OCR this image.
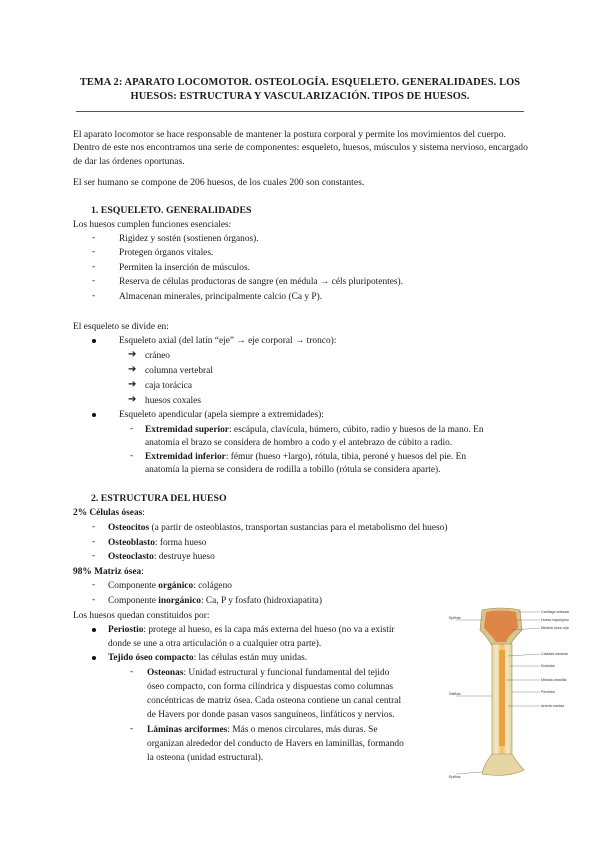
TEMA 2: APARATO LOCOMOTOR. OSTEOLOGÍA. ESQUELETO. GENERALIDADES. LOS HUESOS: ESTRUCTURA Y VASCULARIZACIÓN. TIPOS DE HUESOS.
El aparato locomotor se hace responsable de mantener la postura corporal y permite los movimientos del cuerpo. Dentro de este nos encontramos una serie de componentes: esqueleto, huesos, músculos y sistema nervioso, encargado de dar las órdenes oportunas.
El ser humano se compone de 206 huesos, de los cuales 200 son constantes.
1. ESQUELETO. GENERALIDADES
Los huesos cumplen funciones esenciales:
-	Rigidez y sostén (sostienen órganos).
-	Protegen órganos vitales.
-	Permiten la inserción de músculos.
-	Reserva de células productoras de sangre (en médula → céls pluripotentes).
-	Almacenan minerales, principalmente calcio (Ca y P).
El esqueleto se divide en:
Esqueleto axial (del latín “eje” → eje corporal → tronco):
➔ cráneo
➔ columna vertebral
➔ caja torácica
➔ huesos coxales
Esqueleto apendicular (apela siempre a extremidades):
- Extremidad superior: escápula, clavícula, húmero, cúbito, radio y huesos de la mano. En
anatomía el brazo se considera de hombro a codo y el antebrazo de cúbito a radio.
- Extremidad inferior: fémur (hueso +largo), rótula, tibia, peroné y huesos del pie. En
anatomía la pierna se considera de rodilla a tobillo (rótula se considera aparte).
2. ESTRUCTURA DEL HUESO
2% Células óseas:
- Osteocitos (a partir de osteoblastos, transportan sustancias para el metabolismo del hueso)
- Osteoblasto: forma hueso
- Osteoclasto: destruye hueso
98% Matriz ósea:
- Componente orgánico: colágeno
- Componente inorgánico: Ca, P y fosfato (hidroxiapatita)
Los huesos quedan constituidos por:
Periostio: protege al hueso, es la capa más externa del hueso (no va a existir
donde se une a otra articulación o a cualquier otra parte).
Tejido óseo compacto: las células están muy unidas.
- Osteonas: Unidad estructural y funcional fundamental del tejido
óseo compacto, con forma cilíndrica y dispuestas como columnas
concéntricas de matriz ósea. Cada osteona contiene un canal central
de Havers por donde pasan vasos sanguíneos, linfáticos y nervios.
- Láminas arciformes: Más o menos circulares, más duras. Se
organizan alrededor del conducto de Havers en laminillas, formando
la osteona (unidad estructural).
Cartílago articular
Hueso esponjoso
Médula ósea roja
Cavidad medular
Endostio
Médula amarilla
Periostio
Arteria nutricia
Epífisis
Diáfisis
Epífisis
